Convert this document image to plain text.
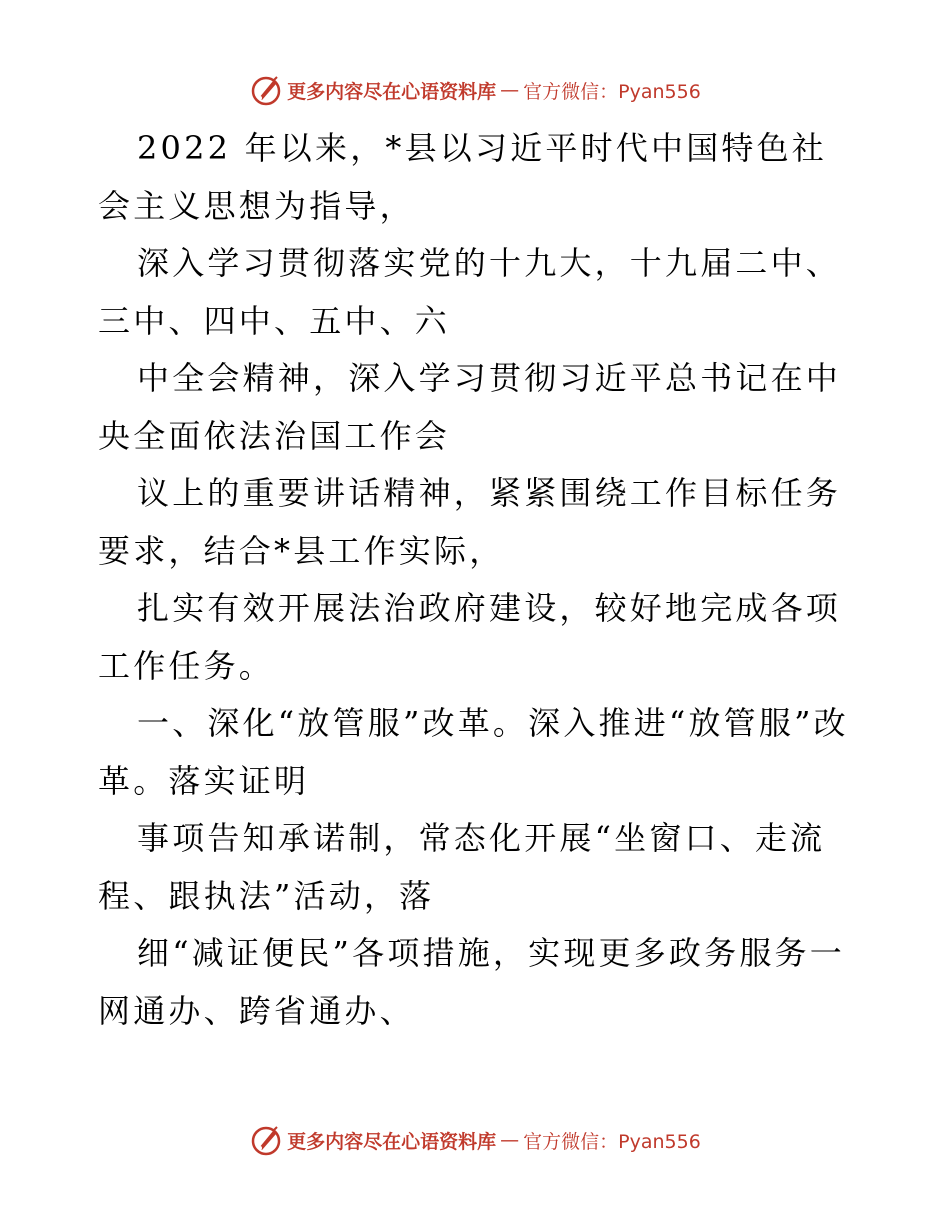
更多内容尽在心语资料库 — 官方微信：Pyan556

2022 年以来，*县以习近平时代中国特色社会主义思想为指导，

深入学习贯彻落实党的十九大，十九届二中、三中、四中、五中、六

中全会精神，深入学习贯彻习近平总书记在中央全面依法治国工作会

议上的重要讲话精神，紧紧围绕工作目标任务要求，结合*县工作实际，

扎实有效开展法治政府建设，较好地完成各项工作任务。

一、深化“放管服”改革。深入推进“放管服”改革。落实证明

事项告知承诺制，常态化开展“坐窗口、走流程、跟执法”活动，落

细“减证便民”各项措施，实现更多政务服务一网通办、跨省通办、

更多内容尽在心语资料库 — 官方微信：Pyan556
